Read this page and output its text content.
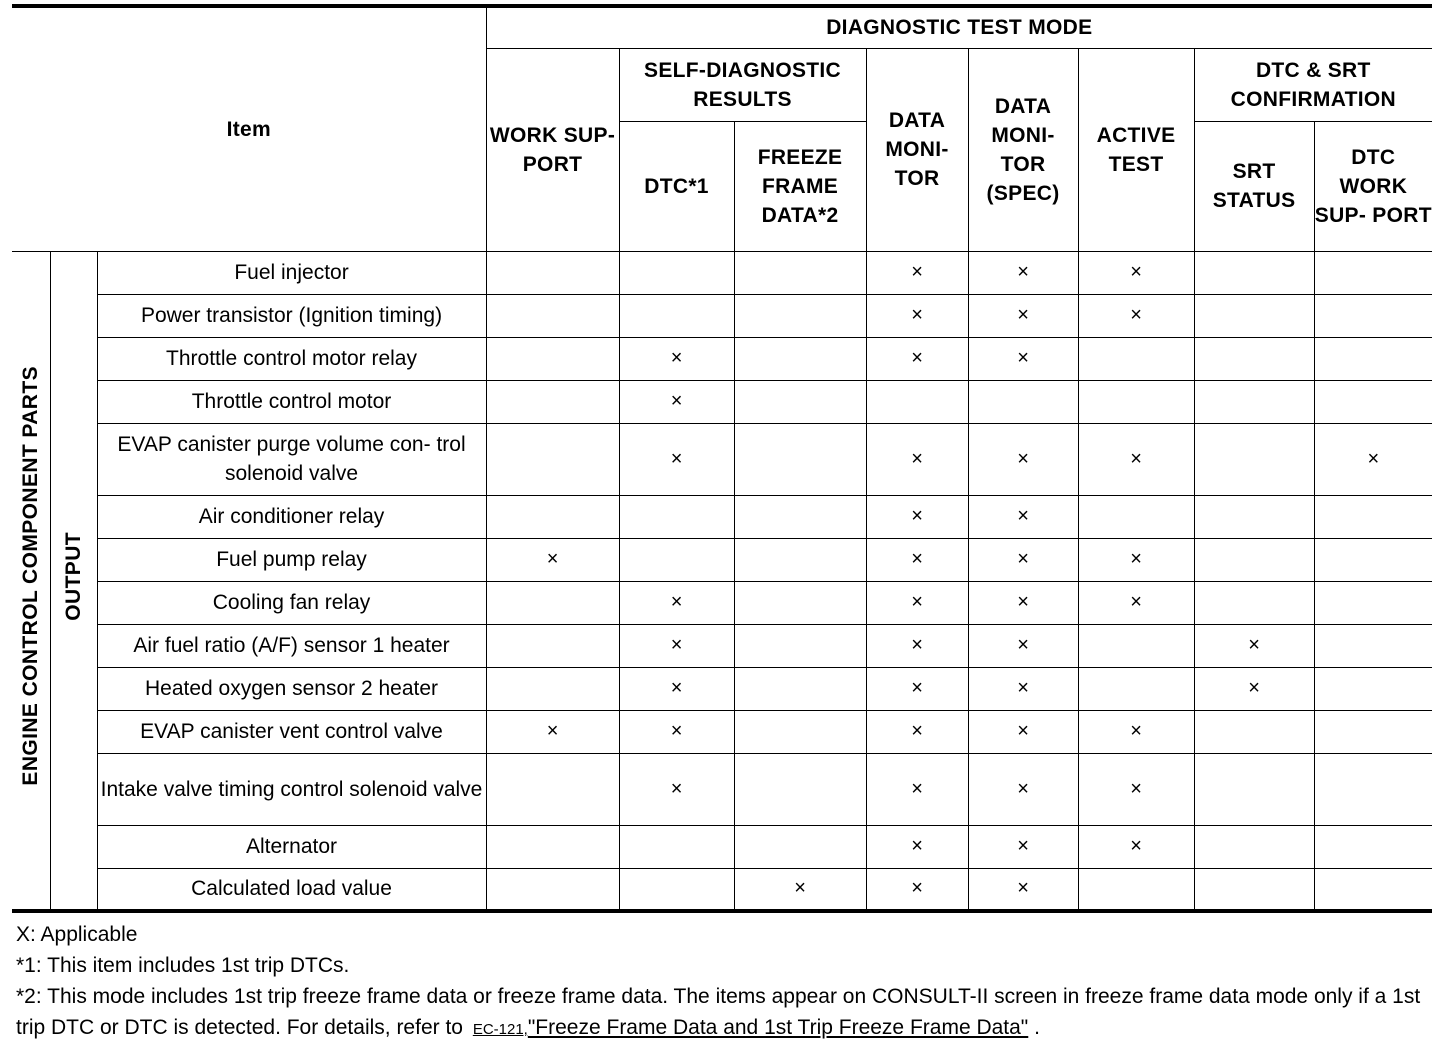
Item			DIAGNOSTIC TEST MODE							
			WORK SUP- PORT	SELF-DIAGNOSTIC RESULTS		DATA MONI- TOR	DATA MONI- TOR (SPEC)	ACTIVE TEST	DTC & SRT CONFIRMATION	
				DTC*1	FREEZE FRAME DATA*2				SRT STATUS	DTC WORK SUP- PORT
ENGINE CONTROL COMPONENT PARTS	OUTPUT	Fuel injector				×	×	×		
		Power transistor (Ignition timing)				×	×	×		
		Throttle control motor relay		×		×	×			
		Throttle control motor		×						
		EVAP canister purge volume con- trol solenoid valve		×		×	×	×		×
		Air conditioner relay				×	×			
		Fuel pump relay	×			×	×	×		
		Cooling fan relay		×		×	×	×		
		Air fuel ratio (A/F) sensor 1 heater		×		×	×		×	
		Heated oxygen sensor 2 heater		×		×	×		×	
		EVAP canister vent control valve	×	×		×	×	×		
		Intake valve timing control solenoid valve		×		×	×	×		
		Alternator				×	×	×		
		Calculated load value			×	×	×			

X: Applicable

*1: This item includes 1st trip DTCs.

*2: This mode includes 1st trip freeze frame data or freeze frame data. The items appear on CONSULT-II screen in freeze frame data mode only if a 1st trip DTC or DTC is detected. For details, refer to EC-121,"Freeze Frame Data and 1st Trip Freeze Frame Data" .
